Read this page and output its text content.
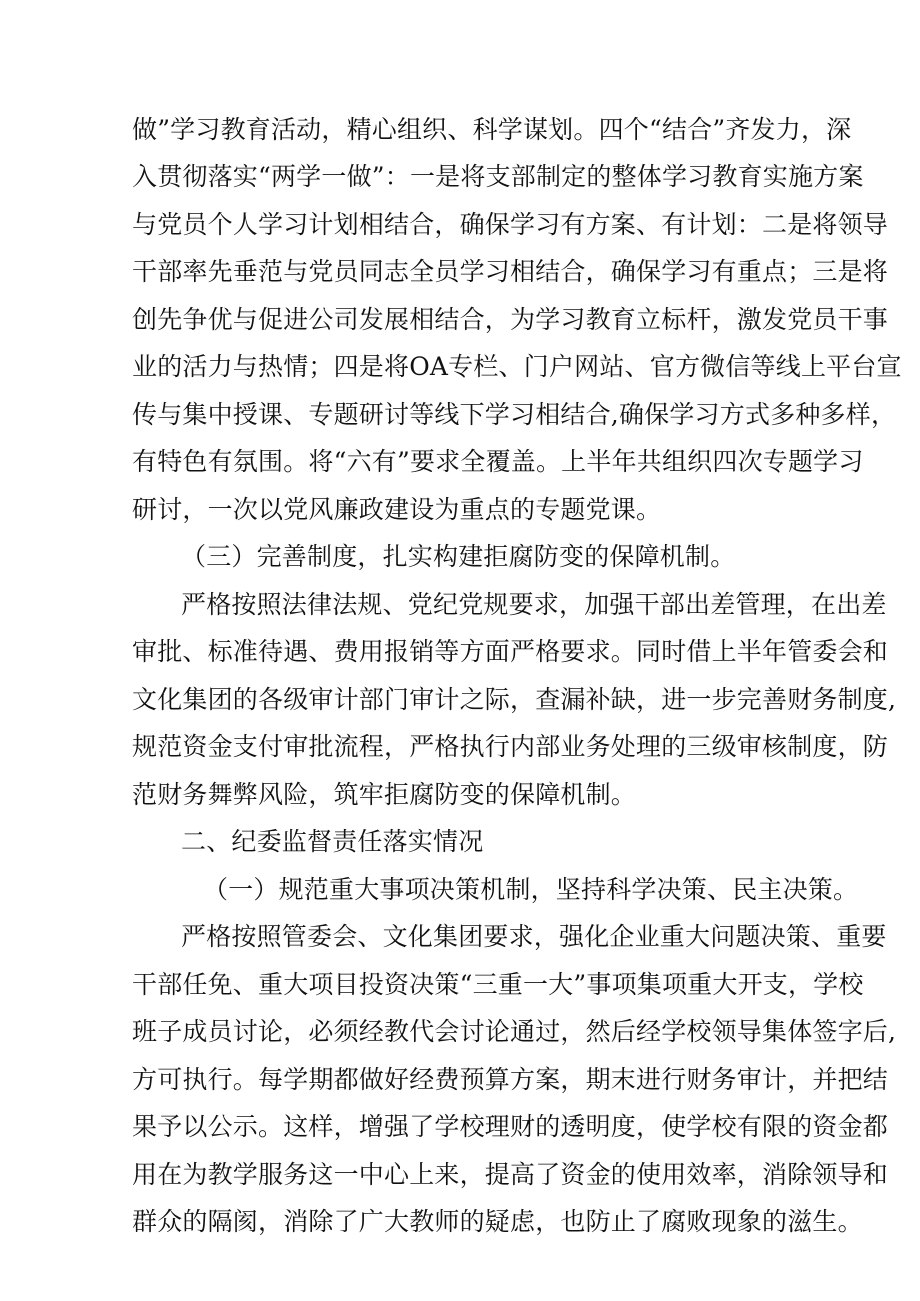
做”学习教育活动，精心组织、科学谋划。四个“结合”齐发力，深
入贯彻落实“两学一做”：一是将支部制定的整体学习教育实施方案
与党员个人学习计划相结合，确保学习有方案、有计划：二是将领导
干部率先垂范与党员同志全员学习相结合，确保学习有重点；三是将
创先争优与促进公司发展相结合，为学习教育立标杆，激发党员干事
业的活力与热情；四是将OA专栏、门户网站、官方微信等线上平台宣
传与集中授课、专题研讨等线下学习相结合,确保学习方式多种多样，
有特色有氛围。将“六有”要求全覆盖。上半年共组织四次专题学习
研讨，一次以党风廉政建设为重点的专题党课。
（三）完善制度，扎实构建拒腐防变的保障机制。
严格按照法律法规、党纪党规要求，加强干部出差管理，在出差
审批、标准待遇、费用报销等方面严格要求。同时借上半年管委会和
文化集团的各级审计部门审计之际，查漏补缺，进一步完善财务制度,
规范资金支付审批流程，严格执行内部业务处理的三级审核制度，防
范财务舞弊风险，筑牢拒腐防变的保障机制。
二、纪委监督责任落实情况
（一）规范重大事项决策机制，坚持科学决策、民主决策。
严格按照管委会、文化集团要求，强化企业重大问题决策、重要
干部任免、重大项目投资决策“三重一大”事项集项重大开支，学校
班子成员讨论，必须经教代会讨论通过，然后经学校领导集体签字后,
方可执行。每学期都做好经费预算方案，期末进行财务审计，并把结
果予以公示。这样，增强了学校理财的透明度，使学校有限的资金都
用在为教学服务这一中心上来，提高了资金的使用效率，消除领导和
群众的隔阂，消除了广大教师的疑虑，也防止了腐败现象的滋生。
